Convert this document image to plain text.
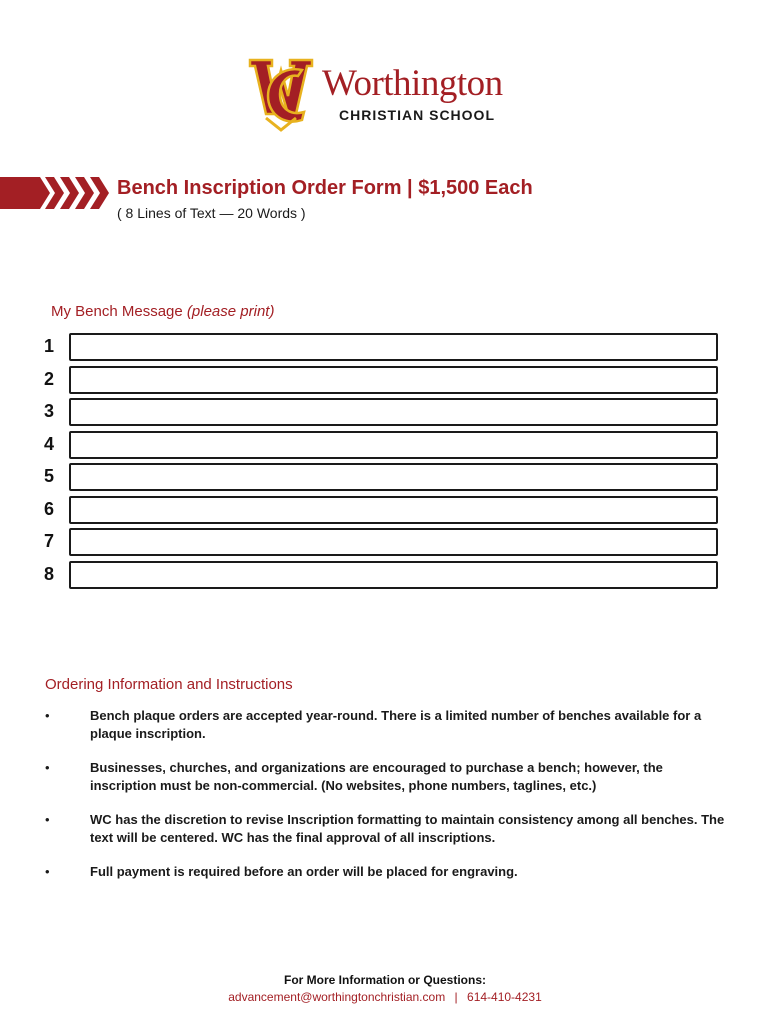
Worthington
CHRISTIAN SCHOOL
Bench Inscription Order Form | $1,500 Each
( 8 Lines of Text — 20 Words )
My Bench Message (please print)
1
2
3
4
5
6
7
8
Ordering Information and Instructions
•	Bench plaque orders are accepted year-round. There is a limited number of benches available for a plaque inscription.
•	Businesses, churches, and organizations are encouraged to purchase a bench; however, the inscription must be non-commercial. (No websites, phone numbers, taglines, etc.)
•	WC has the discretion to revise Inscription formatting to maintain consistency among all benches. The text will be centered. WC has the final approval of all inscriptions.
•	Full payment is required before an order will be placed for engraving.
For More Information or Questions:
advancement@worthingtonchristian.com | 614-410-4231
